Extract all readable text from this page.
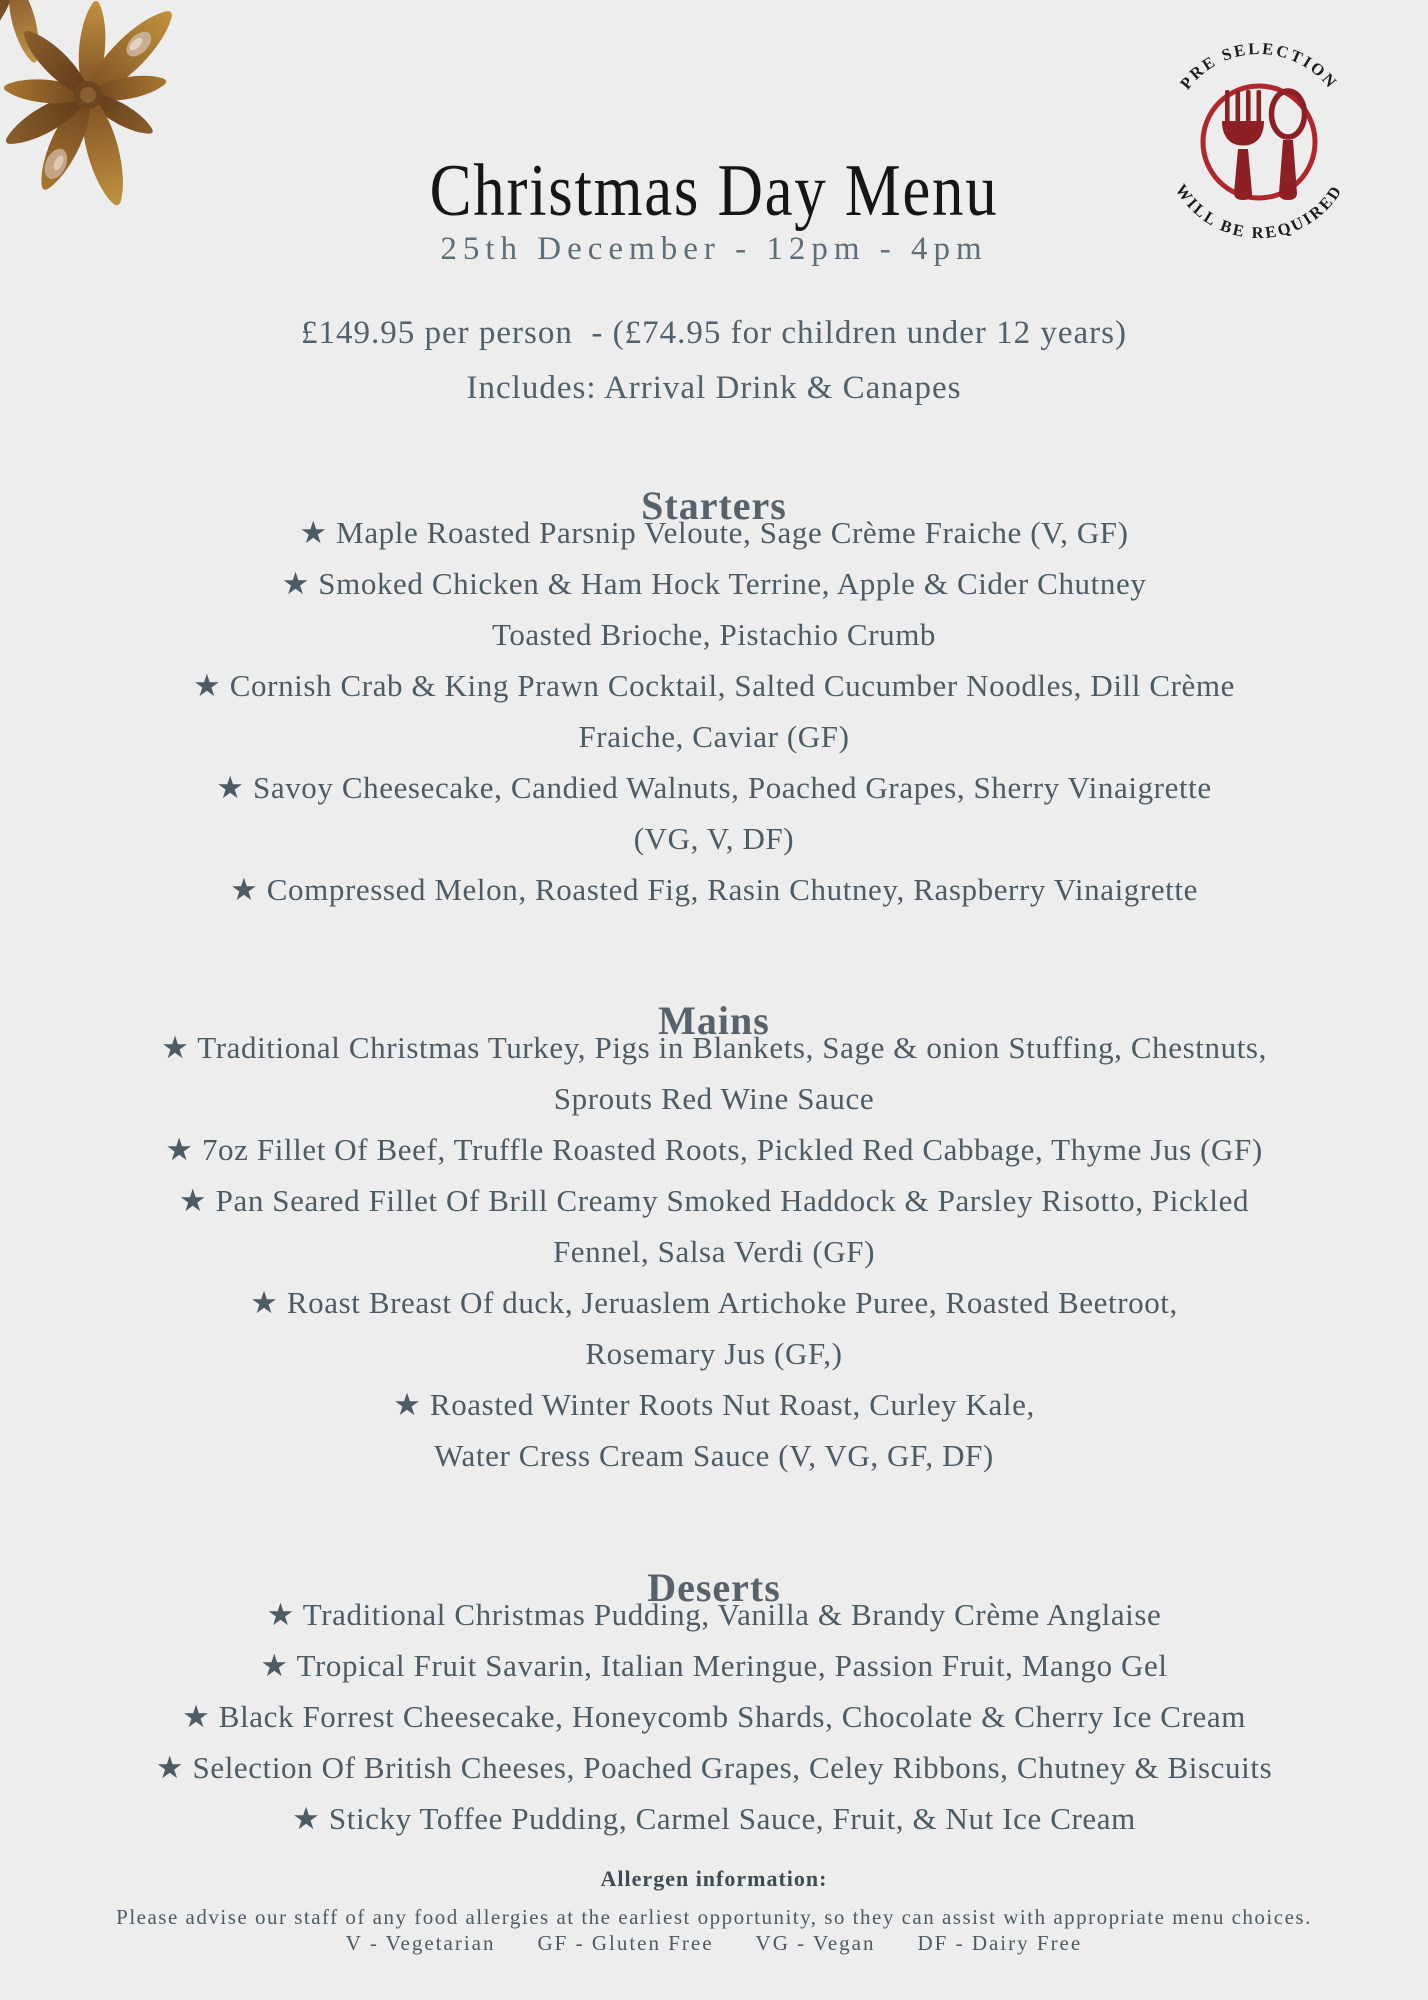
Christmas Day Menu
PRE SELECTION
WILL BE REQUIRED
25th December - 12pm - 4pm
£149.95 per person  - (£74.95 for children under 12 years)
Includes: Arrival Drink & Canapes
Starters
★ Maple Roasted Parsnip Veloute, Sage Crème Fraiche (V, GF)
★ Smoked Chicken & Ham Hock Terrine, Apple & Cider Chutney
Toasted Brioche, Pistachio Crumb
★ Cornish Crab & King Prawn Cocktail, Salted Cucumber Noodles, Dill Crème
Fraiche, Caviar (GF)
★ Savoy Cheesecake, Candied Walnuts, Poached Grapes, Sherry Vinaigrette
(VG, V, DF)
★ Compressed Melon, Roasted Fig, Rasin Chutney, Raspberry Vinaigrette
Mains
★ Traditional Christmas Turkey, Pigs in Blankets, Sage & onion Stuffing, Chestnuts,
Sprouts Red Wine Sauce
★ 7oz Fillet Of Beef, Truffle Roasted Roots, Pickled Red Cabbage, Thyme Jus (GF)
★ Pan Seared Fillet Of Brill Creamy Smoked Haddock & Parsley Risotto, Pickled
Fennel, Salsa Verdi (GF)
★ Roast Breast Of duck, Jeruaslem Artichoke Puree, Roasted Beetroot,
Rosemary Jus (GF,)
★ Roasted Winter Roots Nut Roast, Curley Kale,
Water Cress Cream Sauce (V, VG, GF, DF)
Deserts
★ Traditional Christmas Pudding, Vanilla & Brandy Crème Anglaise
★ Tropical Fruit Savarin, Italian Meringue, Passion Fruit, Mango Gel
★ Black Forrest Cheesecake, Honeycomb Shards, Chocolate & Cherry Ice Cream
★ Selection Of British Cheeses, Poached Grapes, Celey Ribbons, Chutney & Biscuits
★ Sticky Toffee Pudding, Carmel Sauce, Fruit, & Nut Ice Cream
Allergen information:
Please advise our staff of any food allergies at the earliest opportunity, so they can assist with appropriate menu choices.
V - Vegetarian GF - Gluten Free VG - Vegan DF - Dairy Free
